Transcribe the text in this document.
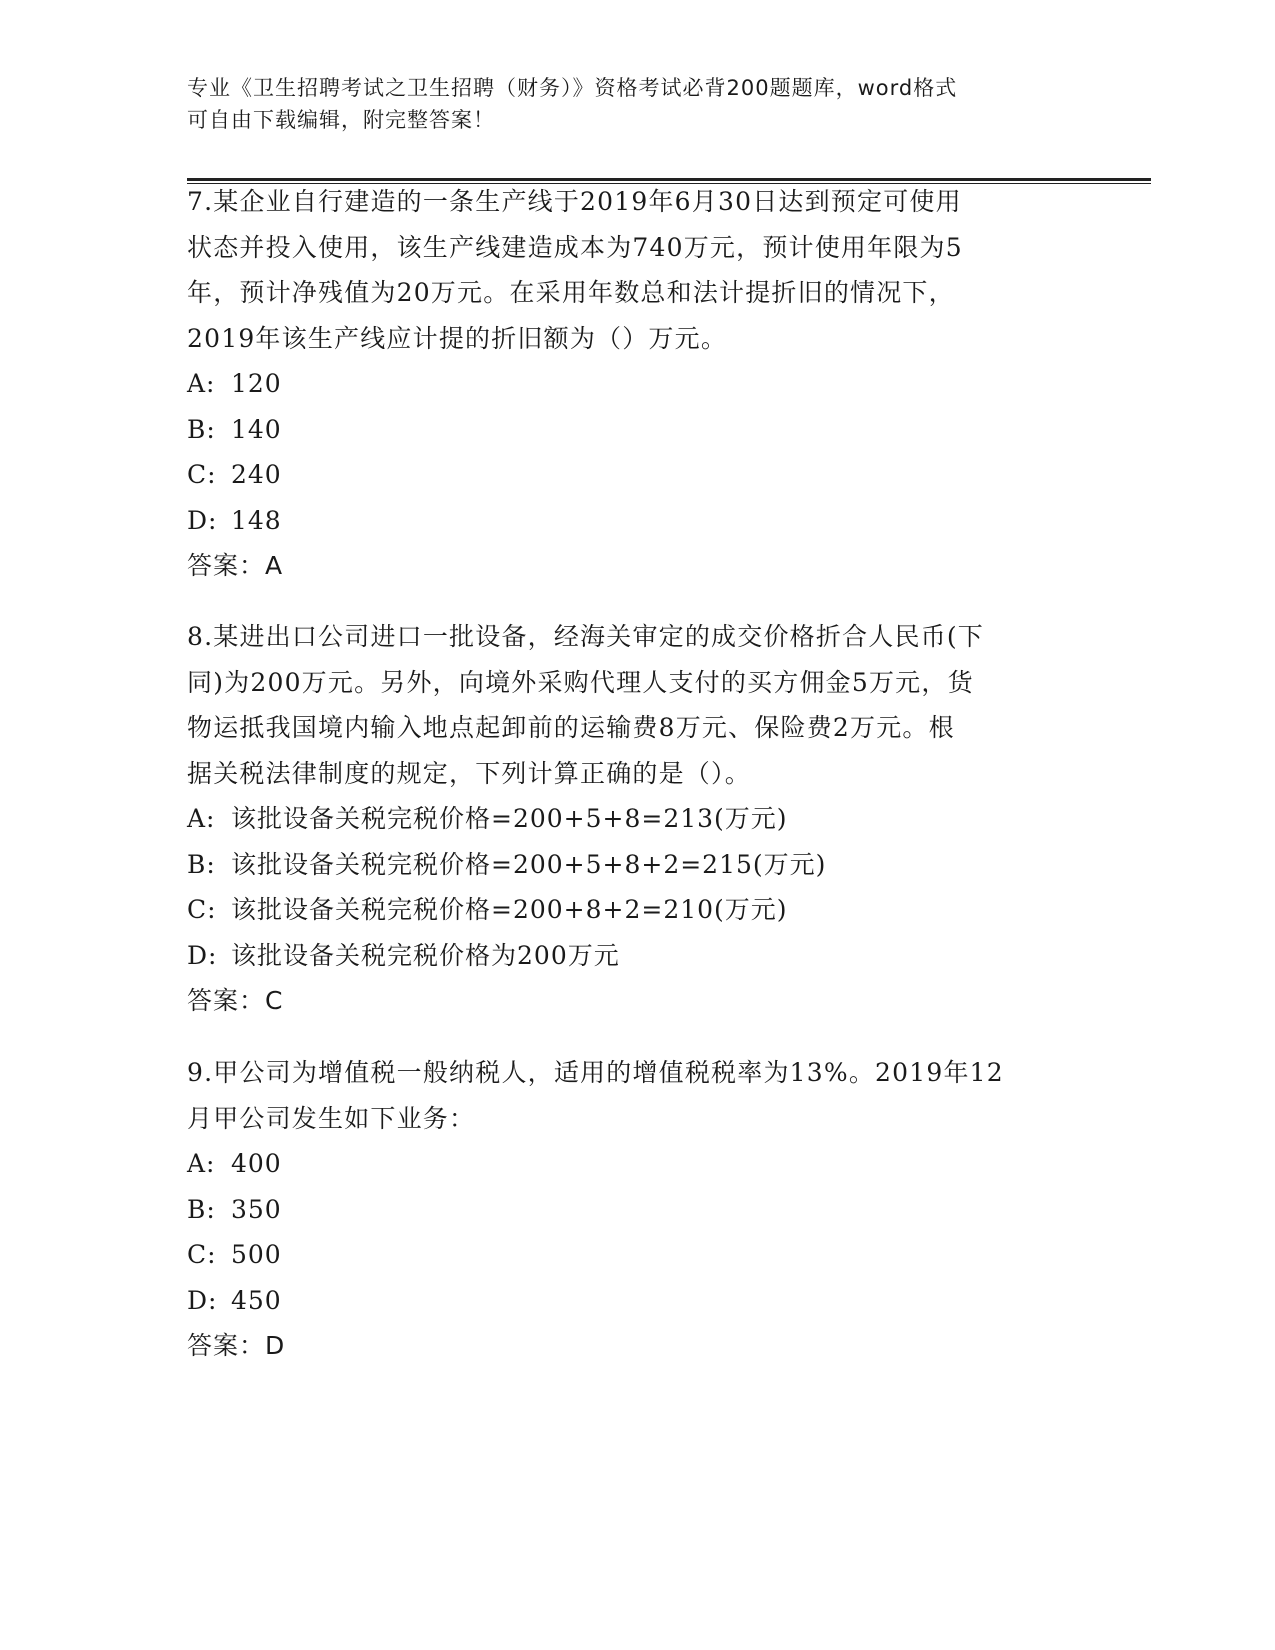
专业《卫生招聘考试之卫生招聘（财务）》资格考试必背200题题库，word格式
可自由下载编辑，附完整答案！
7.某企业自行建造的一条生产线于2019年6月30日达到预定可使用
状态并投入使用，该生产线建造成本为740万元，预计使用年限为5
年，预计净残值为20万元。在采用年数总和法计提折旧的情况下，
2019年该生产线应计提的折旧额为（）万元。
A: 120
B: 140
C: 240
D: 148
答案：A
8.某进出口公司进口一批设备，经海关审定的成交价格折合人民币(下
同)为200万元。另外，向境外采购代理人支付的买方佣金5万元，货
物运抵我国境内输入地点起卸前的运输费8万元、保险费2万元。根
据关税法律制度的规定，下列计算正确的是（）。
A: 该批设备关税完税价格=200+5+8=213(万元)
B: 该批设备关税完税价格=200+5+8+2=215(万元)
C: 该批设备关税完税价格=200+8+2=210(万元)
D: 该批设备关税完税价格为200万元
答案：C
9.甲公司为增值税一般纳税人，适用的增值税税率为13%。2019年12
月甲公司发生如下业务：
A: 400
B: 350
C: 500
D: 450
答案：D
